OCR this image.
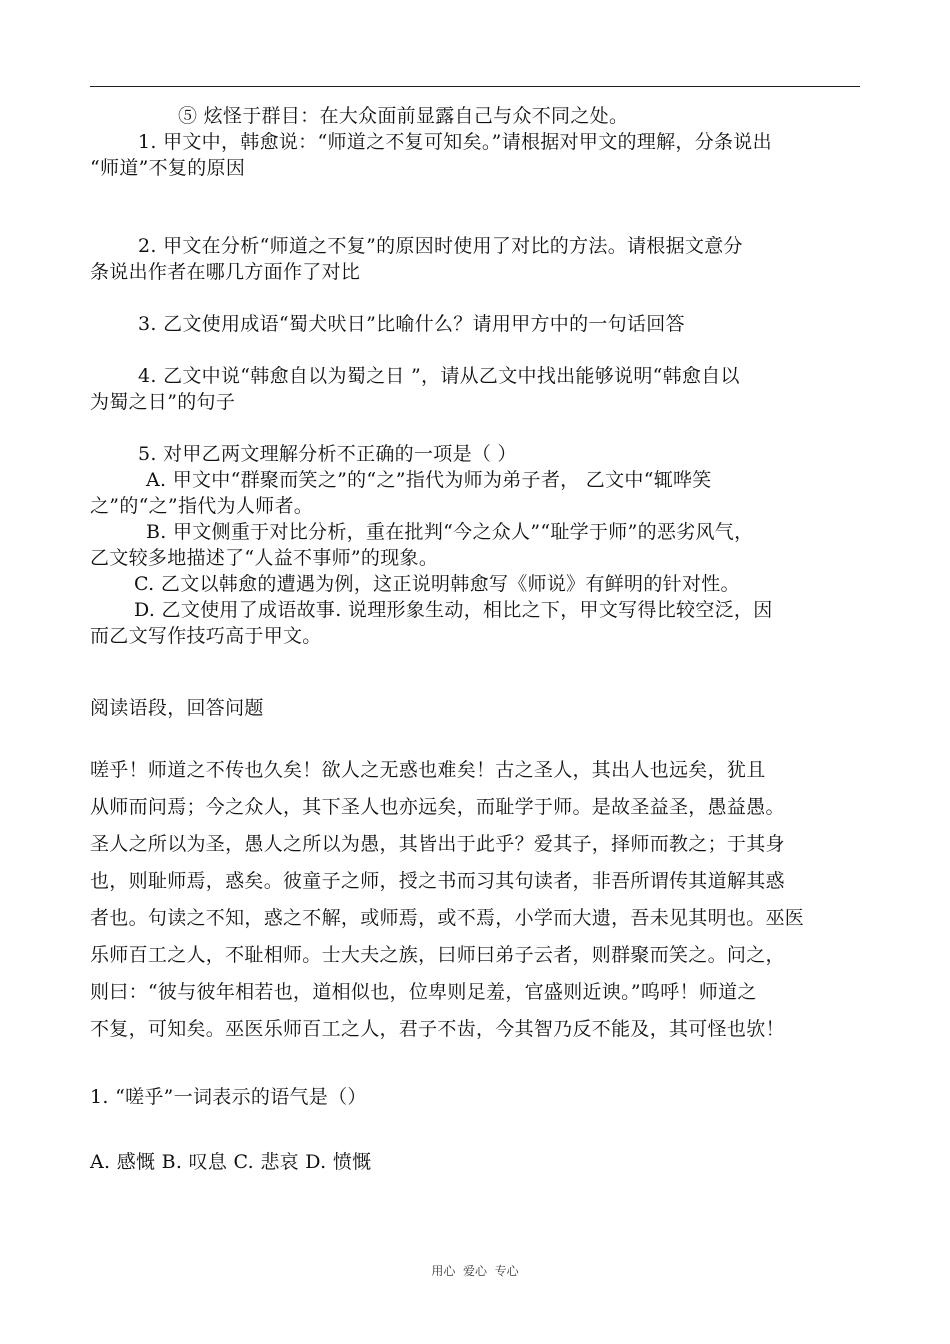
⑤ 炫怪于群目：在大众面前显露自己与众不同之处。
1. 甲文中，韩愈说：“师道之不复可知矣。”请根据对甲文的理解，分条说出
“师道”不复的原因
2. 甲文在分析“师道之不复”的原因时使用了对比的方法。请根据文意分
条说出作者在哪几方面作了对比
3. 乙文使用成语“蜀犬吠日”比喻什么？请用甲方中的一句话回答
4. 乙文中说“韩愈自以为蜀之日 ”，请从乙文中找出能够说明“韩愈自以
为蜀之日”的句子
5. 对甲乙两文理解分析不正确的一项是（ ）
A. 甲文中“群聚而笑之”的“之”指代为师为弟子者， 乙文中“辄哗笑
之”的“之”指代为人师者。
B. 甲文侧重于对比分析，重在批判“今之众人”“耻学于师”的恶劣风气，
乙文较多地描述了“人益不事师”的现象。
C. 乙文以韩愈的遭遇为例，这正说明韩愈写《师说》有鲜明的针对性。
D. 乙文使用了成语故事. 说理形象生动，相比之下，甲文写得比较空泛，因
而乙文写作技巧高于甲文。
阅读语段，回答问题
嗟乎！师道之不传也久矣！欲人之无惑也难矣！古之圣人，其出人也远矣，犹且
从师而问焉；今之众人，其下圣人也亦远矣，而耻学于师。是故圣益圣，愚益愚。
圣人之所以为圣，愚人之所以为愚，其皆出于此乎？爱其子，择师而教之；于其身
也，则耻师焉，惑矣。彼童子之师，授之书而习其句读者，非吾所谓传其道解其惑
者也。句读之不知，惑之不解，或师焉，或不焉，小学而大遗，吾未见其明也。巫医
乐师百工之人，不耻相师。士大夫之族，曰师曰弟子云者，则群聚而笑之。问之，
则曰：“彼与彼年相若也，道相似也，位卑则足羞，官盛则近谀。”呜呼！师道之
不复，可知矣。巫医乐师百工之人，君子不齿，今其智乃反不能及，其可怪也欤！
1. “嗟乎”一词表示的语气是（）
A. 感慨 B. 叹息 C. 悲哀 D. 愤慨
用心  爱心  专心
